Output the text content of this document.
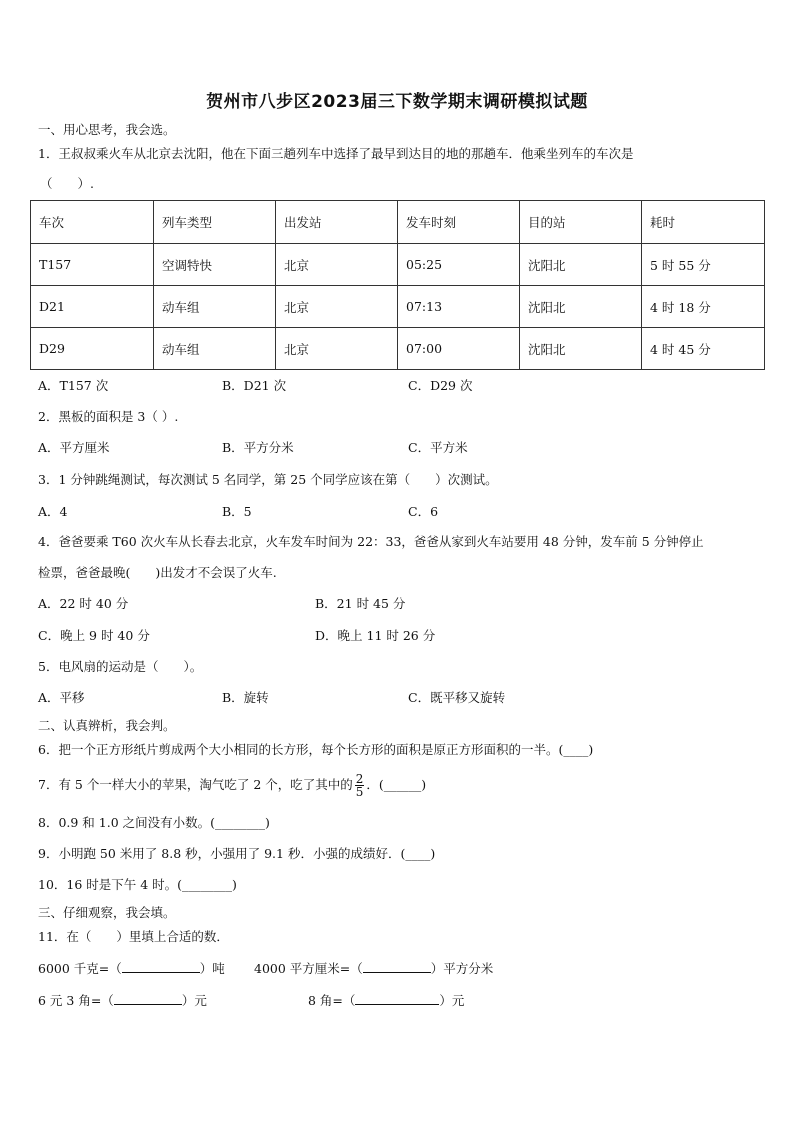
贺州市八步区2023届三下数学期末调研模拟试题
一、用心思考，我会选。
1．王叔叔乘火车从北京去沈阳，他在下面三趟列车中选择了最早到达目的地的那趟车．他乘坐列车的车次是
（　　）.
车次	列车类型	出发站	发车时刻	目的站	耗时
T157	空调特快	北京	05:25	沈阳北	5 时 55 分
D21	动车组	北京	07:13	沈阳北	4 时 18 分
D29	动车组	北京	07:00	沈阳北	4 时 45 分
A．T157 次	B．D21 次	C．D29 次
2．黑板的面积是 3（ ）.
A．平方厘米	B．平方分米	C．平方米
3．1 分钟跳绳测试，每次测试 5 名同学，第 25 个同学应该在第（　　）次测试。
A．4	B．5	C．6
4．爸爸要乘 T60 次火车从长春去北京，火车发车时间为 22：33，爸爸从家到火车站要用 48 分钟，发车前 5 分钟停止
检票，爸爸最晚(　　)出发才不会误了火车.
A．22 时 40 分	B．21 时 45 分
C．晚上 9 时 40 分	D．晚上 11 时 26 分
5．电风扇的运动是（　　）。
A．平移	B．旋转	C．既平移又旋转
二、认真辨析，我会判。
6．把一个正方形纸片剪成两个大小相同的长方形，每个长方形的面积是原正方形面积的一半。(____)
7．有 5 个一样大小的苹果，淘气吃了 2 个，吃了其中的 $\frac{2}{5}$ ．(______)
8．0.9 和 1.0 之间没有小数。(________)
9．小明跑 50 米用了 8.8 秒，小强用了 9.1 秒．小强的成绩好．(____)
10．16 时是下午 4 时。(________)
三、仔细观察，我会填。
11．在（　　）里填上合适的数．
6000 千克=（	）吨 4000 平方厘米=（	）平方分米
6 元 3 角=（	）元	8 角=（	）元
